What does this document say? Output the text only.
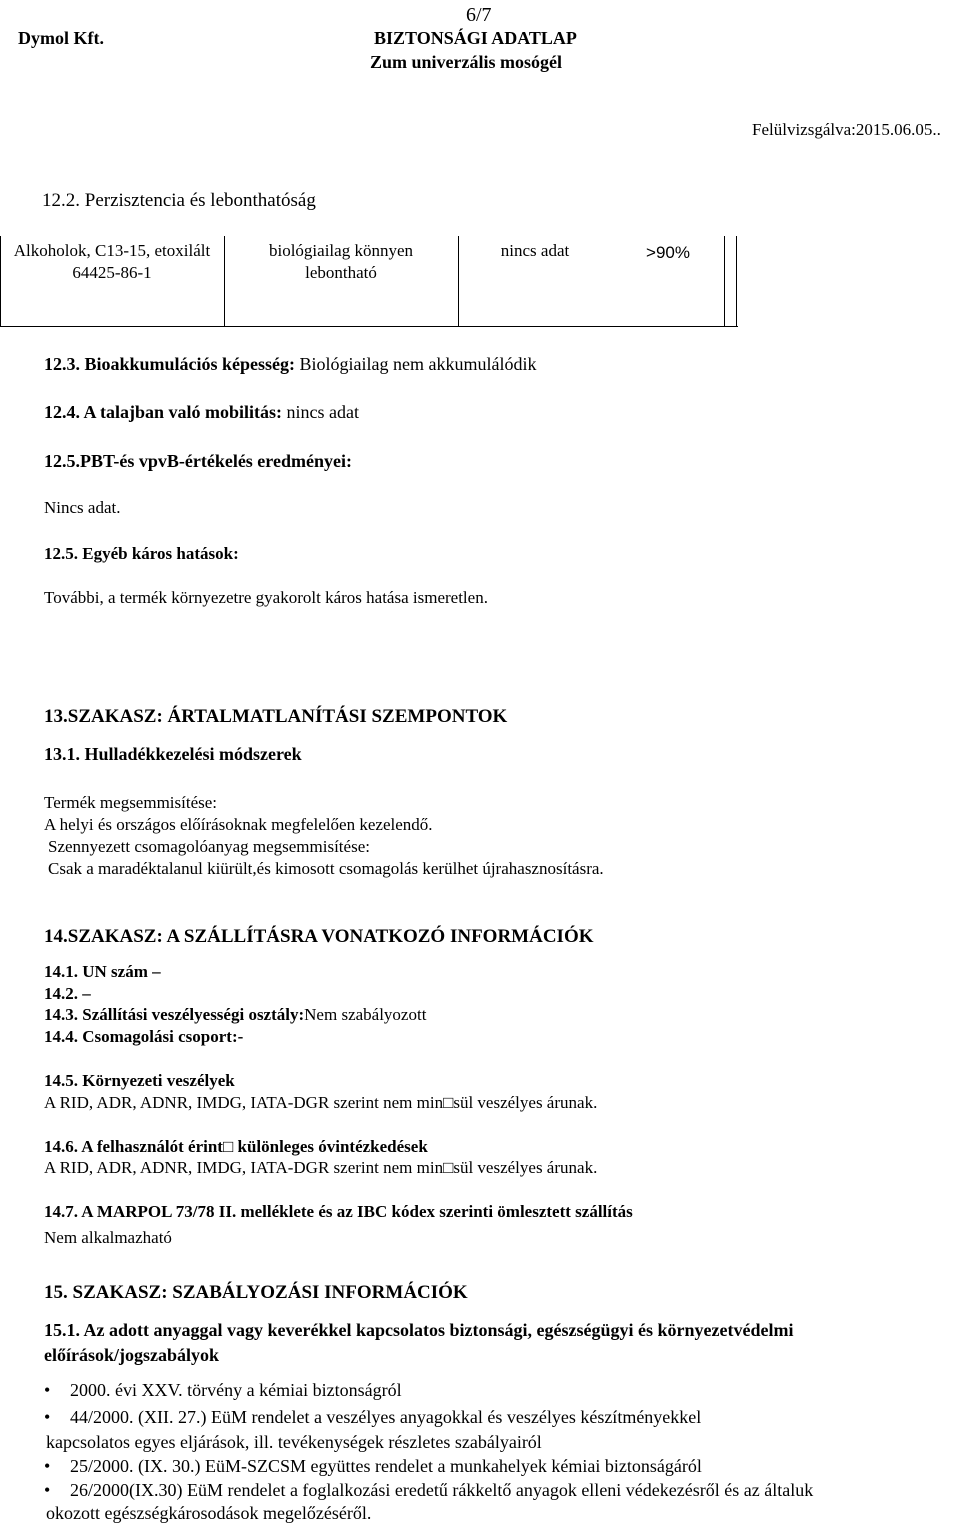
6/7
Dymol Kft.	BIZTONSÁGI ADATLAP
Zum univerzális mosógél
Felülvizsgálva:2015.06.05..
12.2. Perzisztencia és lebonthatóság
Alkoholok, C13-15, etoxilált
64425-86-1
biológiailag könnyen
lebontható
nincs adat	>90%
12.3. Bioakkumulációs képesség: Biológiailag nem akkumulálódik
12.4. A talajban való mobilitás: nincs adat
12.5.PBT-és vpvB-értékelés eredményei:
Nincs adat.
12.5. Egyéb káros hatások:
További, a termék környezetre gyakorolt káros hatása ismeretlen.
13.SZAKASZ: ÁRTALMATLANÍTÁSI SZEMPONTOK
13.1. Hulladékkezelési módszerek
Termék megsemmisítése:
A helyi és országos előírásoknak megfelelően kezelendő.
Szennyezett csomagolóanyag megsemmisítése:
Csak a maradéktalanul kiürült,és kimosott csomagolás kerülhet újrahasznosításra.
14.SZAKASZ: A SZÁLLÍTÁSRA VONATKOZÓ INFORMÁCIÓK
14.1. UN szám –
14.2. –
14.3. Szállítási veszélyességi osztály:Nem szabályozott
14.4. Csomagolási csoport:-
14.5. Környezeti veszélyek
A RID, ADR, ADNR, IMDG, IATA-DGR szerint nem min□sül veszélyes árunak.
14.6. A felhasználót érint□ különleges óvintézkedések
A RID, ADR, ADNR, IMDG, IATA-DGR szerint nem min□sül veszélyes árunak.
14.7. A MARPOL 73/78 II. melléklete és az IBC kódex szerinti ömlesztett szállítás
Nem alkalmazható
15. SZAKASZ: SZABÁLYOZÁSI INFORMÁCIÓK
15.1. Az adott anyaggal vagy keverékkel kapcsolatos biztonsági, egészségügyi és környezetvédelmi
előírások/jogszabályok
• 2000. évi XXV. törvény a kémiai biztonságról
• 44/2000. (XII. 27.) EüM rendelet a veszélyes anyagokkal és veszélyes készítményekkel
kapcsolatos egyes eljárások, ill. tevékenységek részletes szabályairól
• 25/2000. (IX. 30.) EüM-SZCSM együttes rendelet a munkahelyek kémiai biztonságáról
• 26/2000(IX.30) EüM rendelet a foglalkozási eredetű rákkeltő anyagok elleni védekezésről és az általuk
okozott egészségkárosodások megelőzéséről.
